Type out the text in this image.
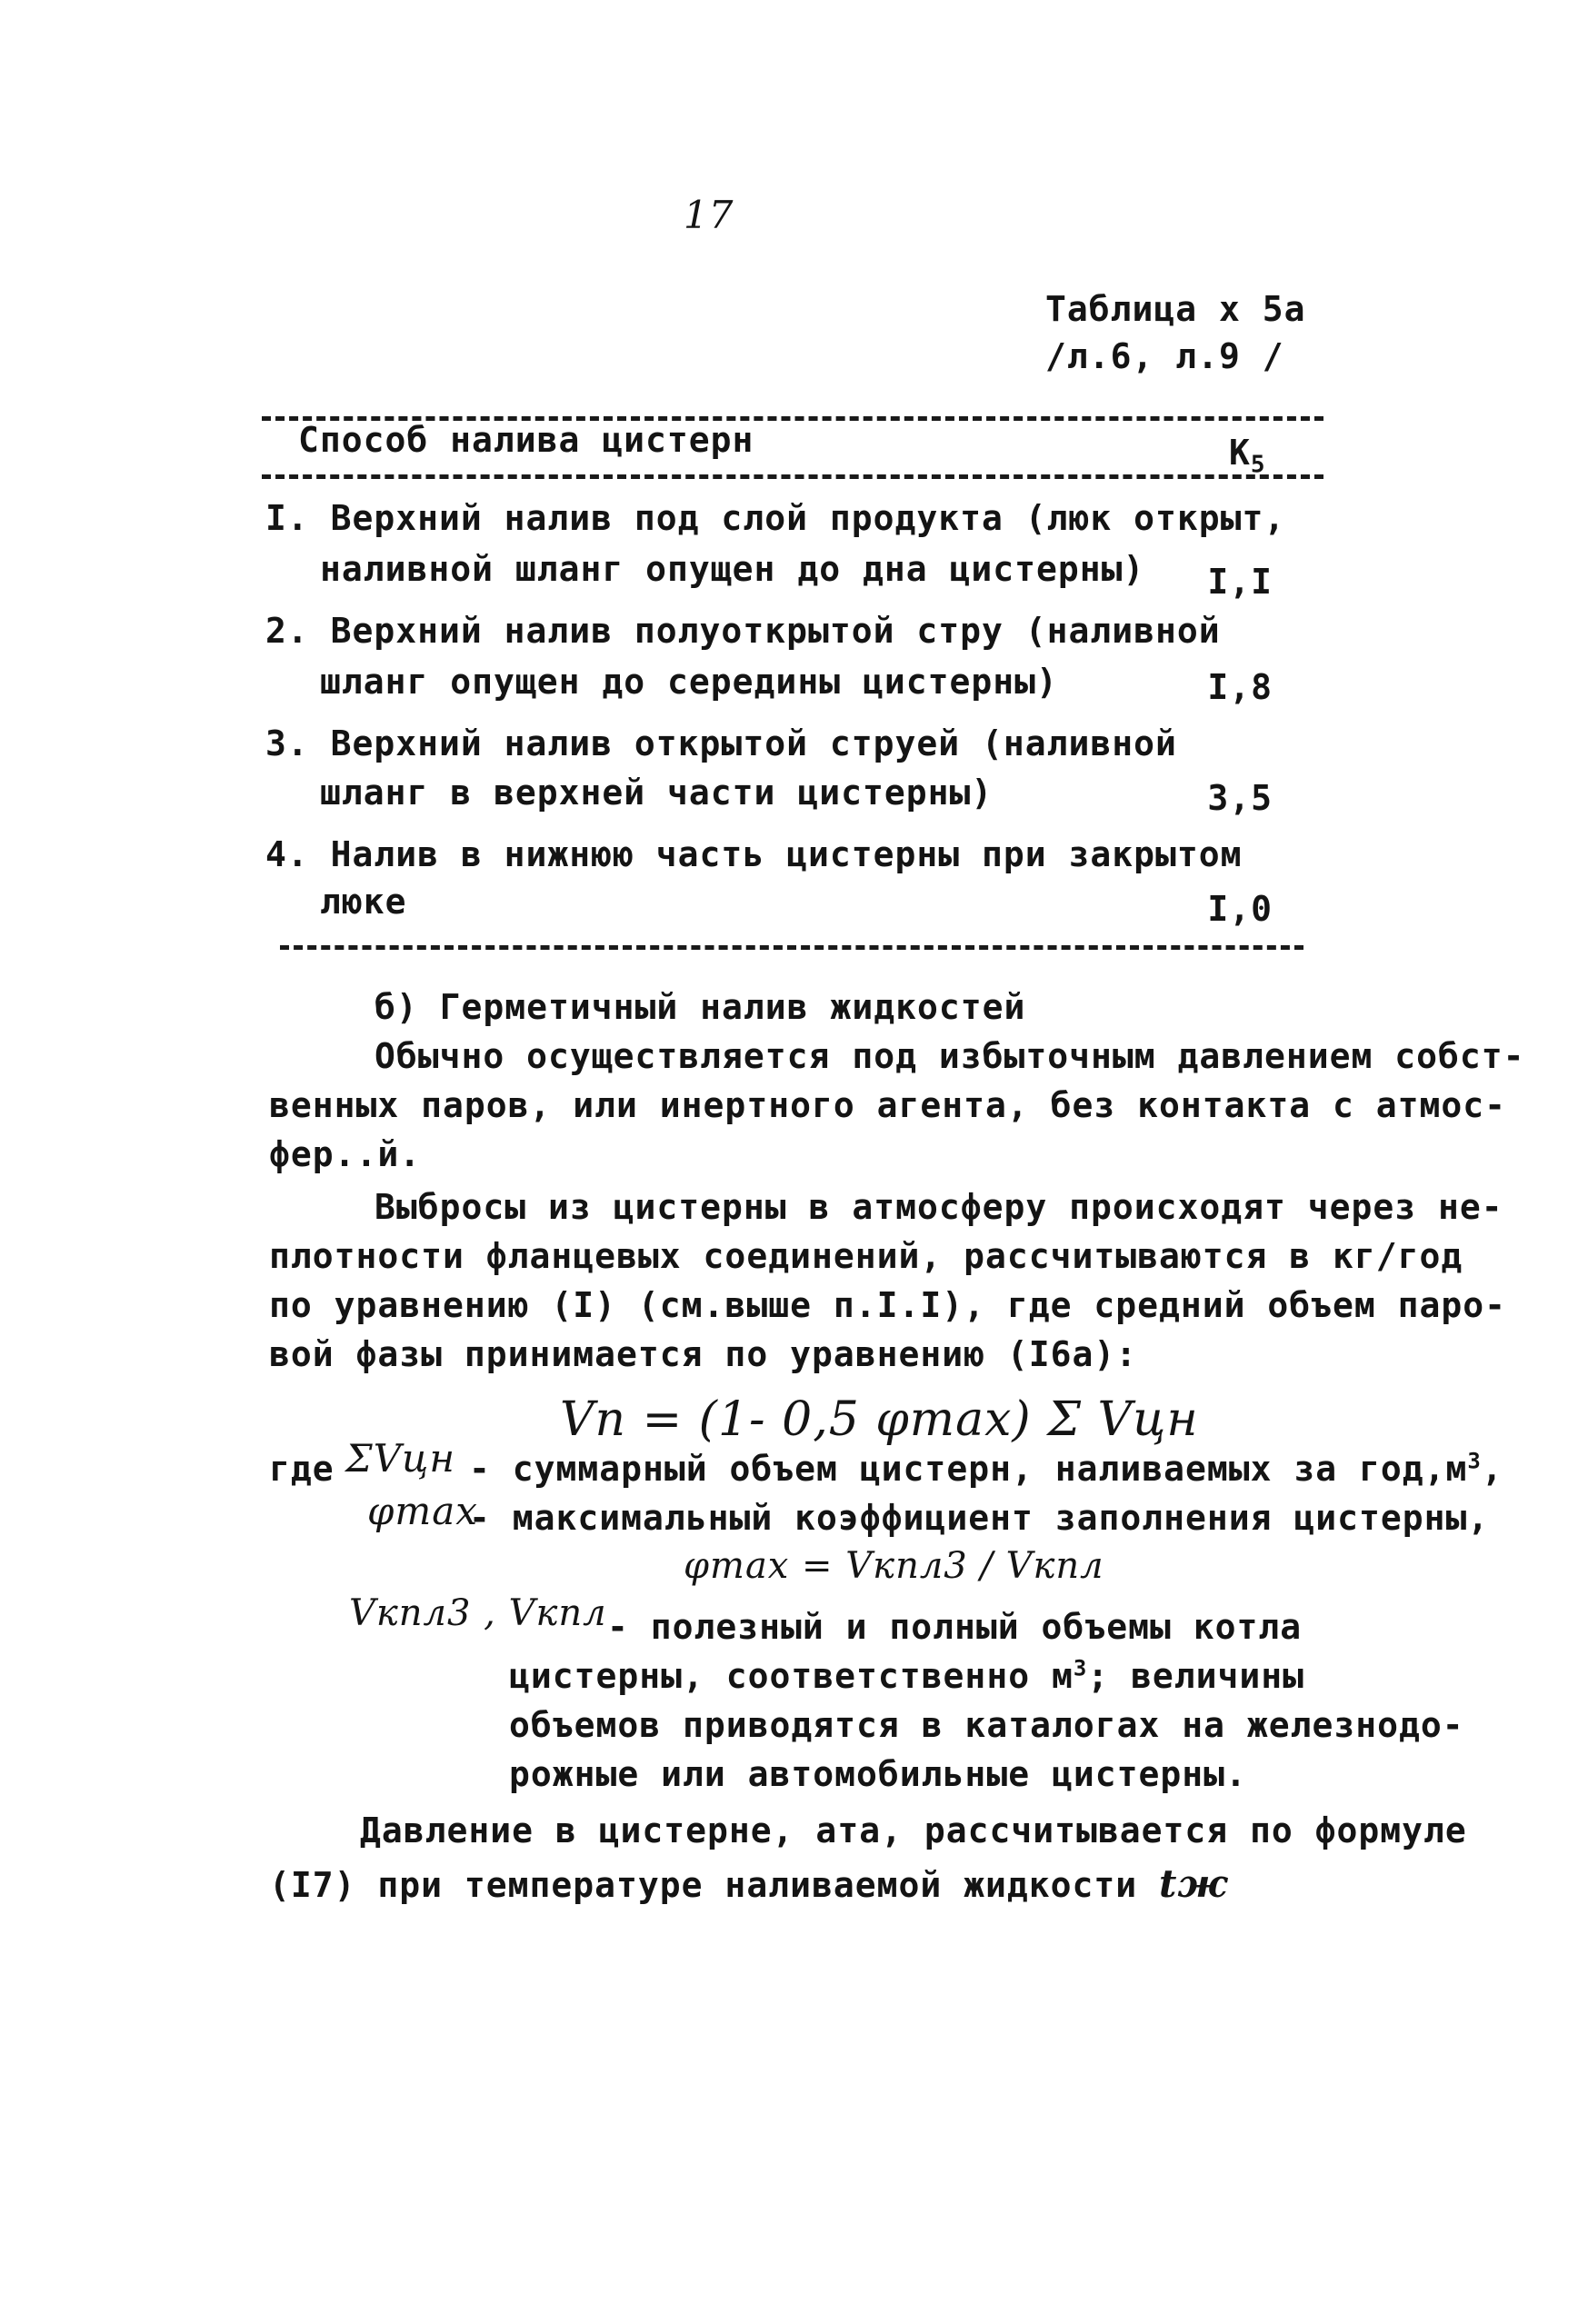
17
Таблица х 5а
/л.6, л.9 /
Способ налива цистерн	$K_5$
I. Верхний налив под слой продукта (люк открыт,
наливной шланг опущен до дна цистерны)	I,I
2. Верхний налив полуоткрытой стру (наливной
шланг опущен до середины цистерны)	I,8
3. Верхний налив открытой струей (наливной
шланг в верхней части цистерны)	3,5
4. Налив в нижнюю часть цистерны при закрытом
люке	I,0
б) Герметичный налив жидкостей
Обычно осуществляется под избыточным давлением собст-
венных паров, или инертного агента, без контакта с атмос-
фер..й.
Выбросы из цистерны в атмосферу происходят через не-
плотности фланцевых соединений, рассчитываются в кг/год
по уравнению (I) (см.выше п.I.I), где средний объем паро-
вой фазы принимается по уравнению (I6а):
Vп = (1- 0,5 φmax) Σ Vцн
где ΣVцн - суммарный объем цистерн, наливаемых за $год,м^3$,
φmax
- максимальный коэффициент заполнения цистерны,
φmax = Vкпл3 / Vкпл
Vкпл3 , Vкпл - полезный и полный объемы котла
цистерны, соответственно $м^3$; величины
объемов приводятся в каталогах на железнодо-
рожные или автомобильные цистерны.
Давление в цистерне, ата, рассчитывается по формуле
(I7) при температуре наливаемой жидкости tж
